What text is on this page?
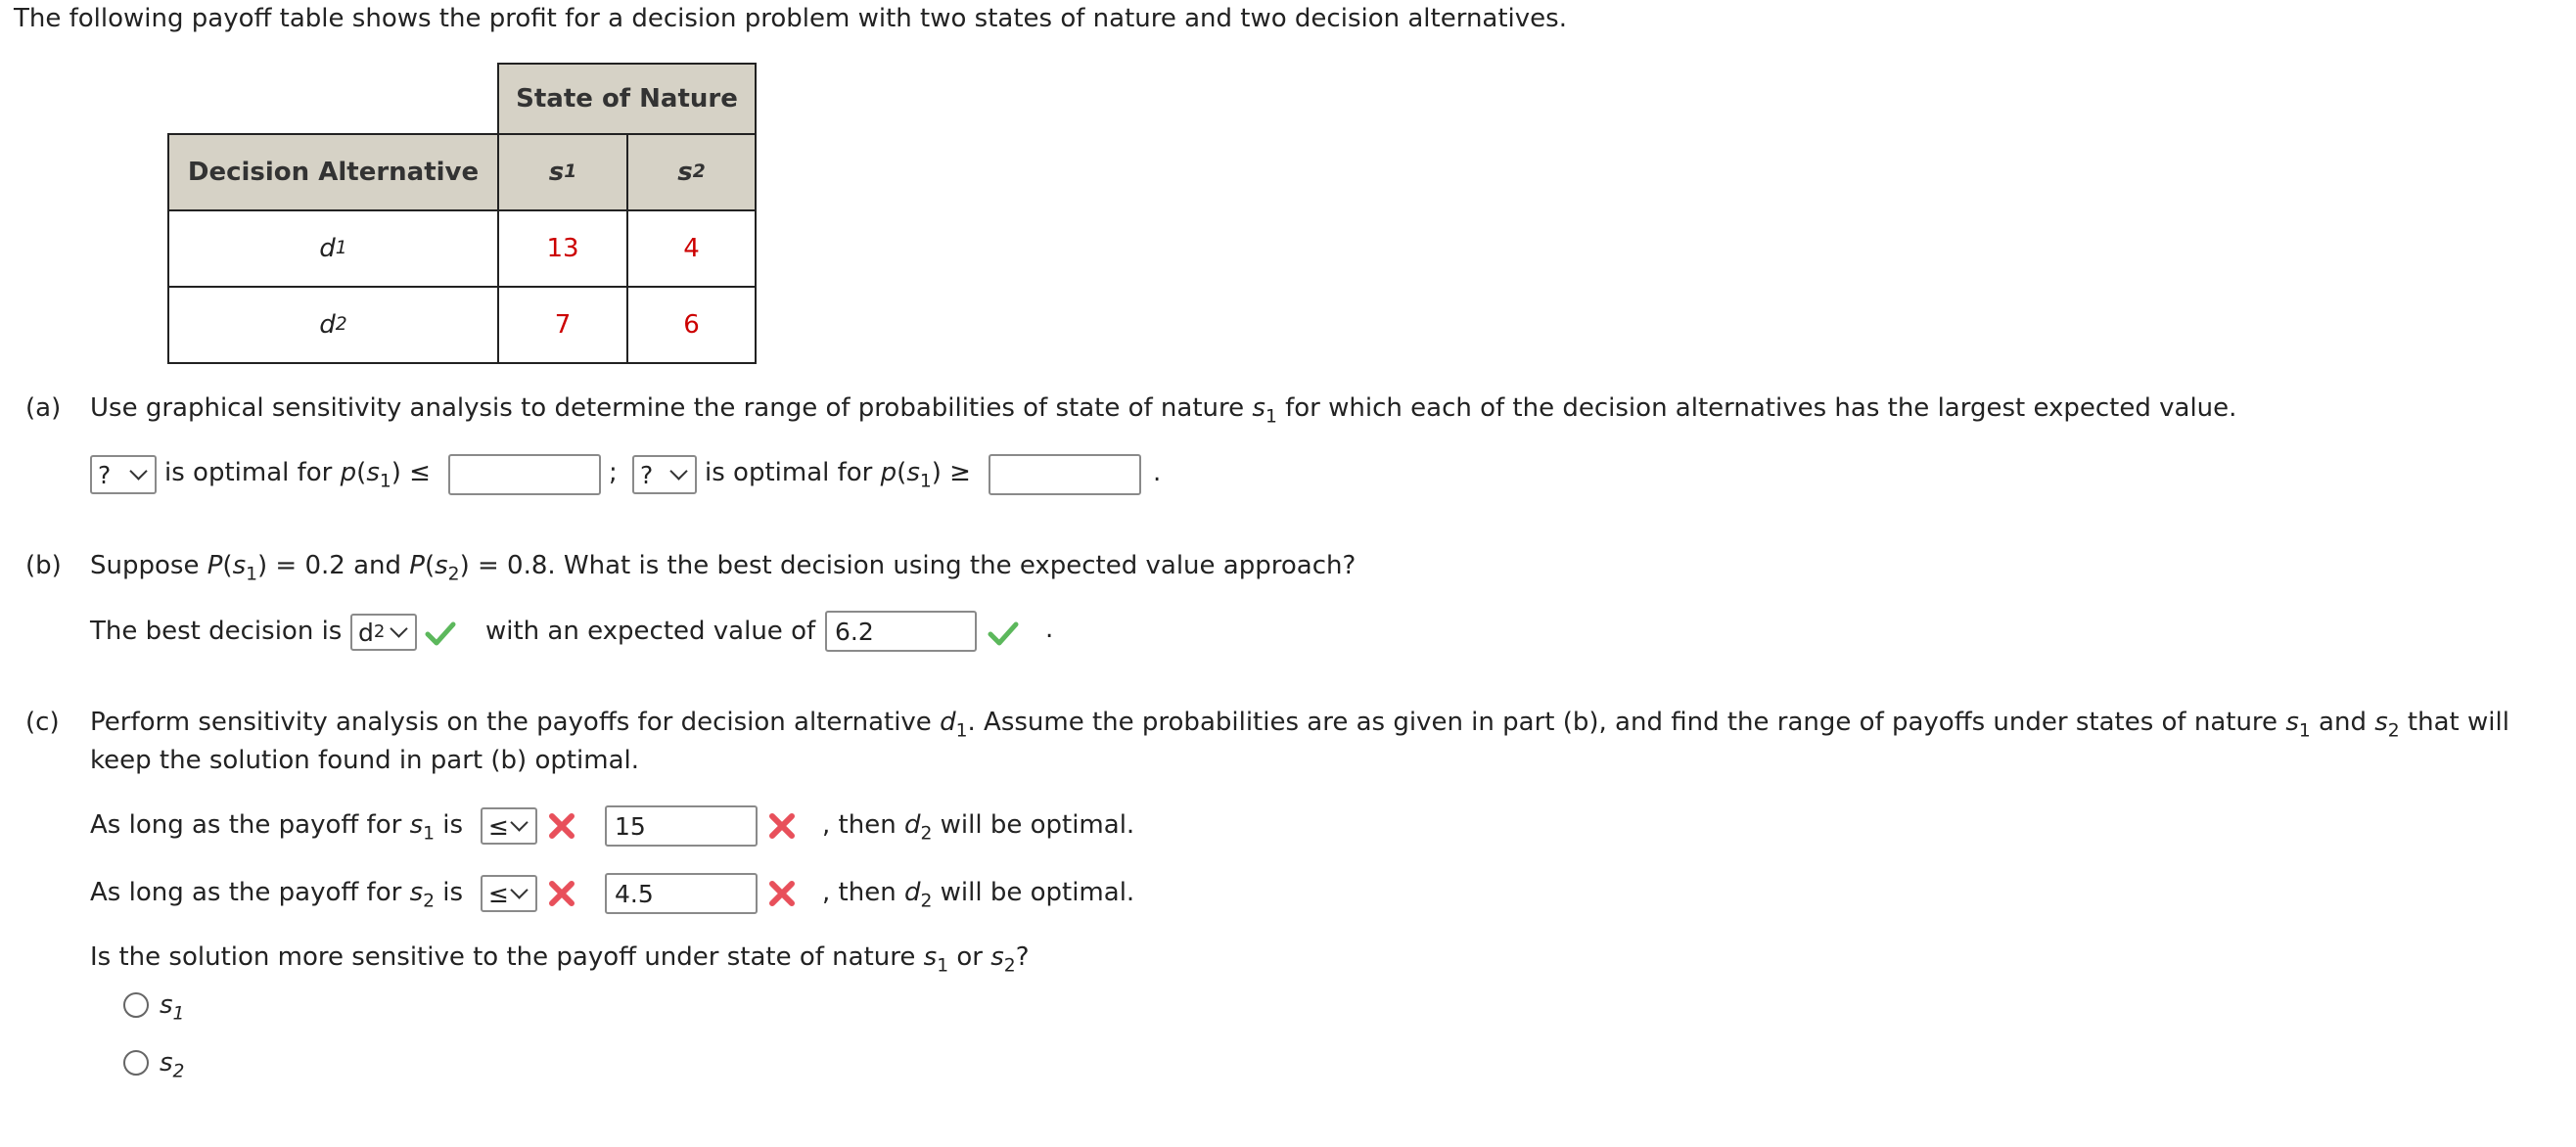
The following payoff table shows the profit for a decision problem with two states of nature and two decision alternatives.
State of Nature
Decision Alternative	s 1	s 2
d 1	13	4
d 2	7	6
(a) Use graphical sensitivity analysis to determine the range of probabilities of state of nature $s_1$ for which each of the decision alternatives has the largest expected value.
? is optimal for $p(s_1)$ ≤	; ? is optimal for $p(s_1)$ ≥	.
(b) Suppose $P(s_1) = 0.2$ and $P(s_2) = 0.8$. What is the best decision using the expected value approach?
The best decision is d 2	with an expected value of
6.2	.
(c) Perform sensitivity analysis on the payoffs for decision alternative $d_1$. Assume the probabilities are as given in part (b), and find the range of payoffs under states of nature $s_1$ and $s_2$ that will
keep the solution found in part (b) optimal.
As long as the payoff for $s_1$ is ≤
15	, then $d_2$ will be optimal.
As long as the payoff for $s_2$ is ≤
4.5	, then $d_2$ will be optimal.
Is the solution more sensitive to the payoff under state of nature $s_1$ or $s_2$?
$s_1$
$s_2$
